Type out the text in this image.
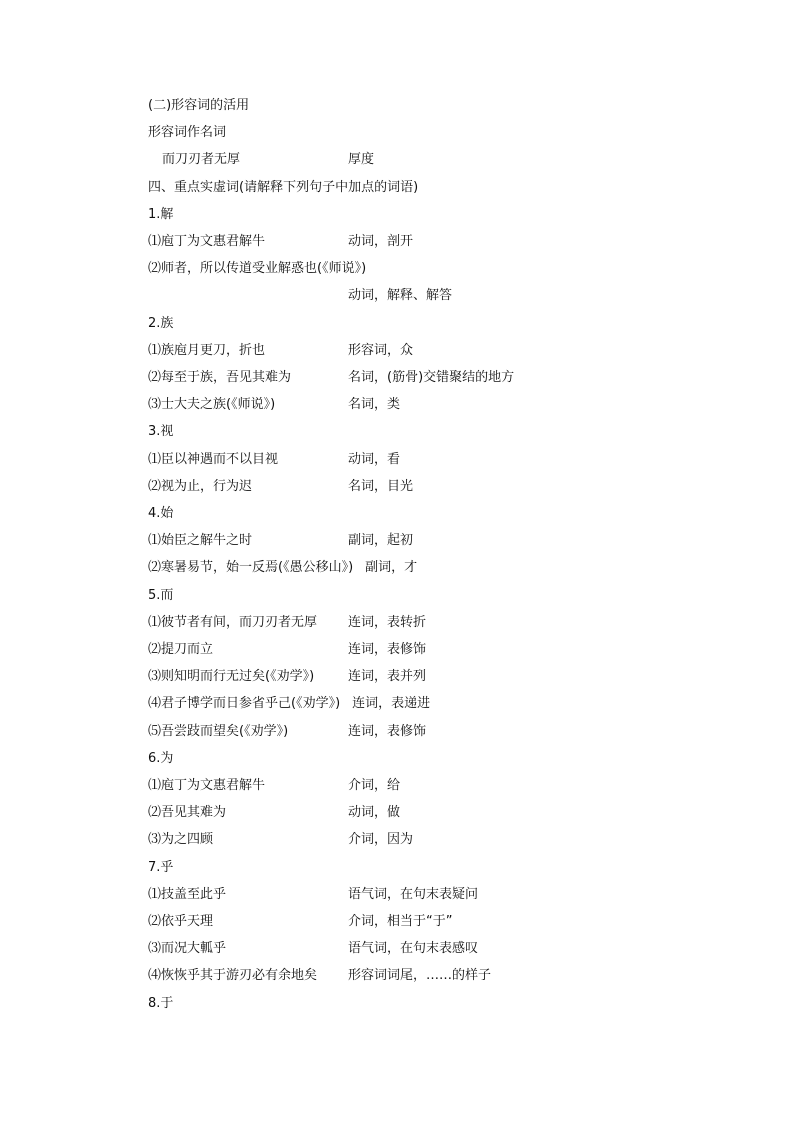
(二)形容词的活用
形容词作名词
而刀刃者无厚	厚度
四、重点实虚词(请解释下列句子中加点的词语)
1.解
⑴庖丁为文惠君解牛	动词，剖开
⑵师者，所以传道受业解惑也(《师说》)
动词，解释、解答
2.族
⑴族庖月更刀，折也	形容词，众
⑵每至于族，吾见其难为	名词，(筋骨)交错聚结的地方
⑶士大夫之族(《师说》)	名词，类
3.视
⑴臣以神遇而不以目视	动词，看
⑵视为止，行为迟	名词，目光
4.始
⑴始臣之解牛之时	副词，起初
⑵寒暑易节，始一反焉(《愚公移山》) 副词，才
5.而
⑴彼节者有间，而刀刃者无厚 连词，表转折
⑵提刀而立	连词，表修饰
⑶则知明而行无过矣(《劝学》)	连词，表并列
⑷君子博学而日参省乎己(《劝学》) 连词，表递进
⑸吾尝跂而望矣(《劝学》)	连词，表修饰
6.为
⑴庖丁为文惠君解牛	介词，给
⑵吾见其难为	动词，做
⑶为之四顾	介词，因为
7.乎
⑴技盖至此乎	语气词，在句末表疑问
⑵依乎天理	介词，相当于“于”
⑶而况大軱乎	语气词，在句末表感叹
⑷恢恢乎其于游刃必有余地矣 形容词词尾，……的样子
8.于
